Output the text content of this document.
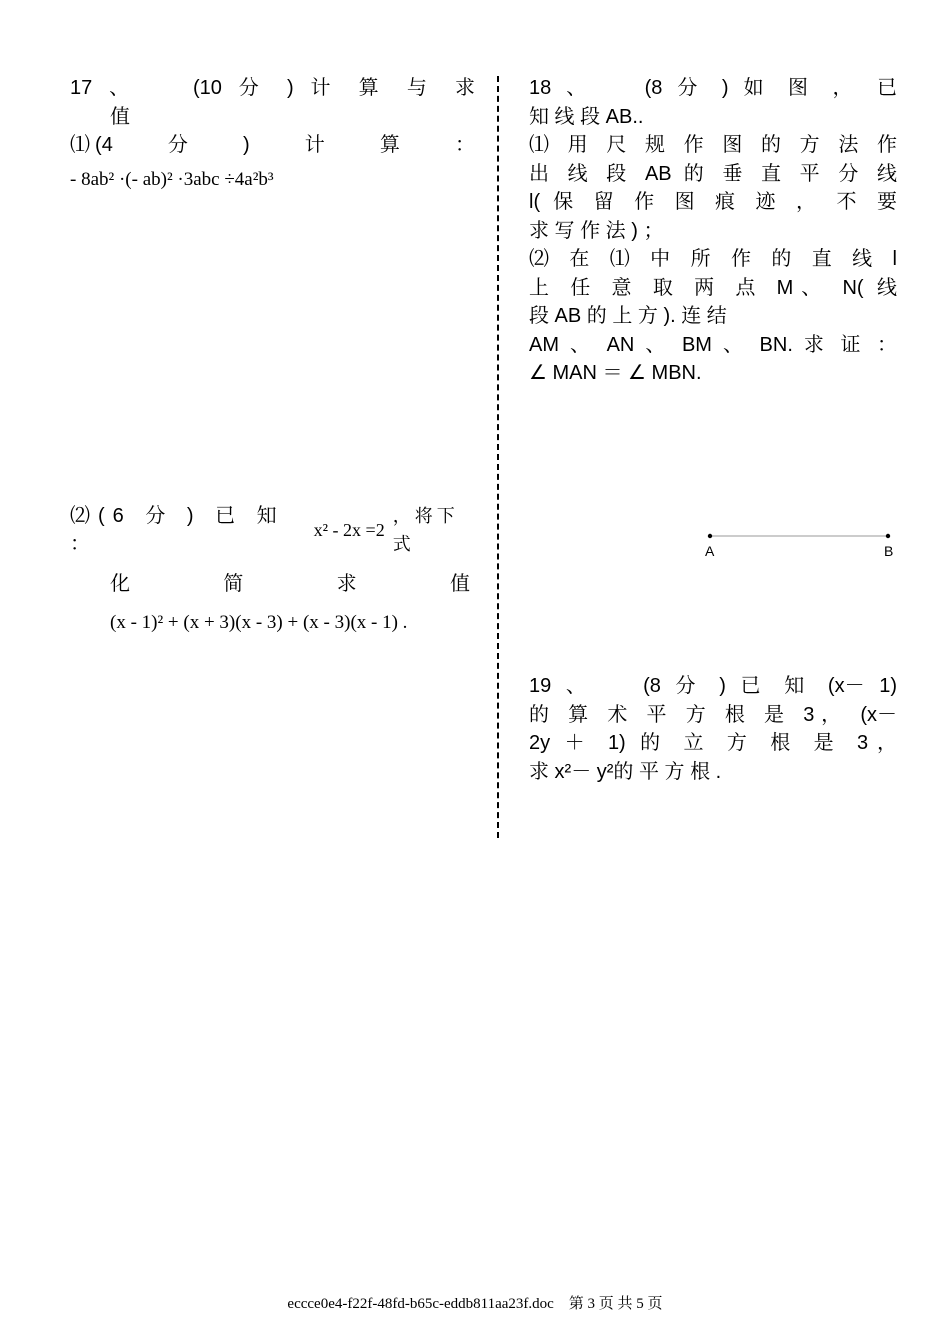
17 、　　(10 分 ) 计 算 与 求
值
⑴(4　　分　　)　　计　　算　　：
- 8ab² ·(- ab)² ·3abc ÷4a²b³
⑵(6 分 ) 已 知 ：
x² - 2x =2
，将下式
化　　　　简　　　　求　　　　值
(x - 1)² + (x + 3)(x - 3) + (x - 3)(x - 1) .
18 、　　(8 分 ) 如 图 ， 已
知 线 段 AB..
⑴ 用 尺 规 作 图 的 方 法 作
出 线 段 AB 的 垂 直 平 分 线
l( 保 留 作 图 痕 迹 ， 不 要
求 写 作 法 ) ；
⑵ 在 ⑴ 中 所 作 的 直 线 l
上 任 意 取 两 点 M、 N( 线
段 AB 的 上 方 ). 连 结
AM 、 AN 、 BM 、 BN. 求 证 ：
∠ MAN ＝ ∠ MBN.
A	B
19 、　　(8 分 ) 已 知 (x－ 1)
的 算 术 平 方 根 是 3， (x－
2y ＋ 1) 的 立 方 根 是 3，
求 x²－ y²的 平 方 根 .
eccce0e4-f22f-48fd-b65c-eddb811aa23f.doc　第 3 页 共 5 页
